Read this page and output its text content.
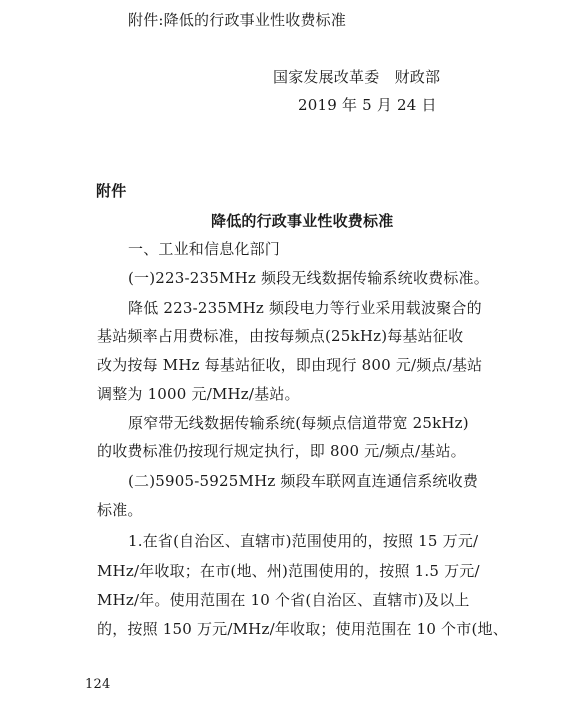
附件:降低的行政事业性收费标准
国家发展改革委　财政部
2019 年 5 月 24 日
附件
降低的行政事业性收费标准
一、工业和信息化部门
(一)223-235MHz 频段无线数据传输系统收费标准。
降低 223-235MHz 频段电力等行业采用载波聚合的
基站频率占用费标准，由按每频点(25kHz)每基站征收
改为按每 MHz 每基站征收，即由现行 800 元/频点/基站
调整为 1000 元/MHz/基站。
原窄带无线数据传输系统(每频点信道带宽 25kHz)
的收费标准仍按现行规定执行，即 800 元/频点/基站。
(二)5905-5925MHz 频段车联网直连通信系统收费
标准。
1.在省(自治区、直辖市)范围使用的，按照 15 万元/
MHz/年收取；在市(地、州)范围使用的，按照 1.5 万元/
MHz/年。使用范围在 10 个省(自治区、直辖市)及以上
的，按照 150 万元/MHz/年收取；使用范围在 10 个市(地、
124
